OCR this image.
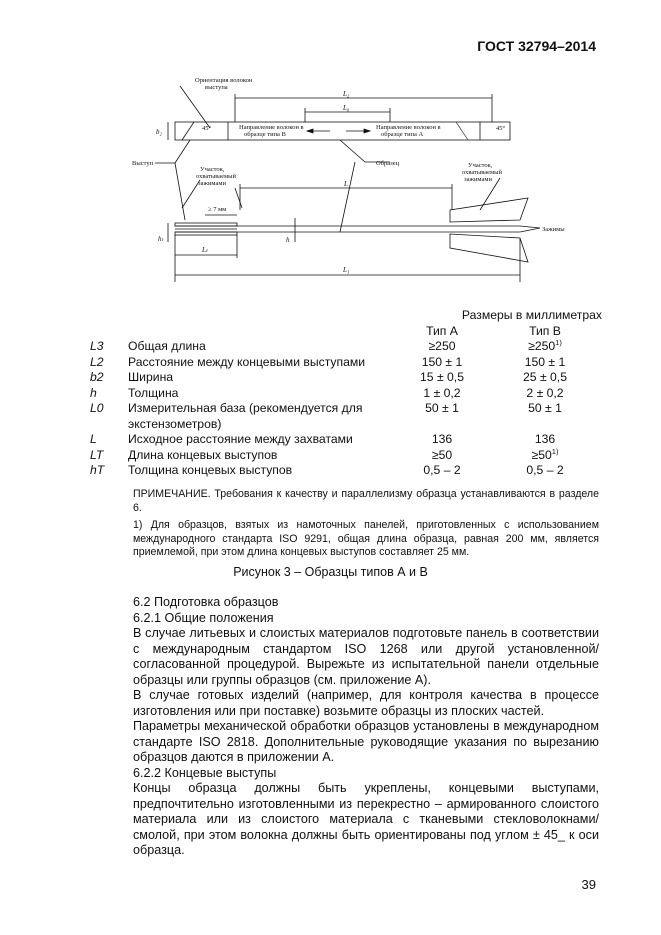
ГОСТ 32794–2014
Ориентация волокон
выступа
L₂
L₀
b₂
Направление волокон в
образце типа В
Направление волокон в
образце типа А
45°	45°
Выступ
Участок,
охватываемый
зажимами
Образец	Участок,
охватываемый
зажимами
L
≥ 7 мм
hₜ
Lₜ
h
Зажимы
L₃
Размеры в миллиметрах			
		Тип А	Тип В
L3	Общая длина	≥250	$\ge 250^{1)}$
L2	Расстояние между концевыми выступами	150 ± 1	150 ± 1
b2	Ширина	15 ± 0,5	25 ± 0,5
h	Толщина	1 ± 0,2	2 ± 0,2
L0	Измерительная база (рекомендуется для экстензометров)	50 ± 1	50 ± 1
L	Исходное расстояние между захватами	136	136
LT	Длина концевых выступов	≥50	$\ge 50^{1)}$
hT	Толщина концевых выступов	0,5 – 2	0,5 – 2
ПРИМЕЧАНИЕ. Требования к качеству и параллелизму образца устанавливаются в разделе 6.
1) Для образцов, взятых из намоточных панелей, приготовленных с использованием международного стандарта ISO 9291, общая длина образца, равная 200 мм, является приемлемой, при этом длина концевых выступов составляет 25 мм.
Рисунок 3 – Образцы типов А и В

6.2 Подготовка образцов

6.2.1 Общие положения

В случае литьевых и слоистых материалов подготовьте панель в соответствии с международным стандартом ISO 1268 или другой установленной/согласованной процедурой. Вырежьте из испытательной панели отдельные образцы или группы образцов (см. приложение А).

В случае готовых изделий (например, для контроля качества в процессе изготовления или при поставке) возьмите образцы из плоских частей.

Параметры механической обработки образцов установлены в международном стандарте ISO 2818. Дополнительные руководящие указания по вырезанию образцов даются в приложении А.

6.2.2 Концевые выступы

Концы образца должны быть укреплены, концевыми выступами, предпочтительно изготовленными из перекрестно – армированного слоистого материала или из слоистого материала с тканевыми стекловолокнами/смолой, при этом волокна должны быть ориентированы под углом ± 45_ к оси образца.

39
